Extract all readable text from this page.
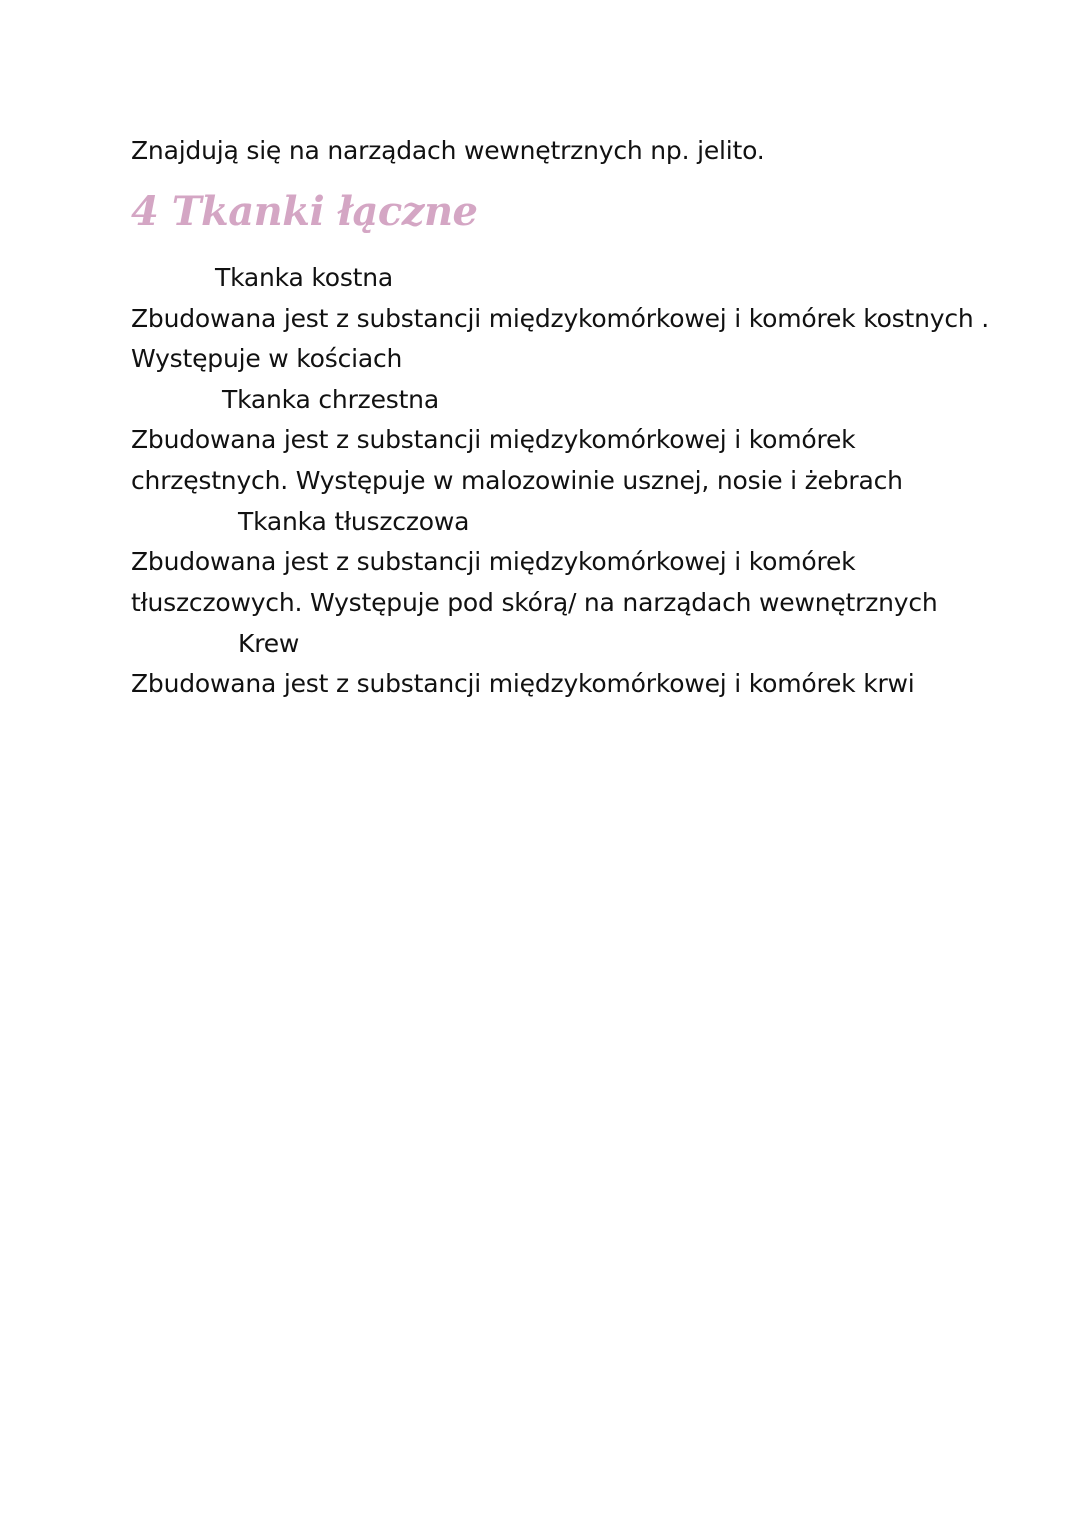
Znajdują się na narządach wewnętrznych np. jelito.
4 Tkanki łączne
Tkanka kostna
Zbudowana jest z substancji międzykomórkowej i komórek kostnych .
Występuje w kościach
Tkanka chrzestna
Zbudowana jest z substancji międzykomórkowej i komórek
chrzęstnych. Występuje w malozowinie usznej, nosie i żebrach
Tkanka tłuszczowa
Zbudowana jest z substancji międzykomórkowej i komórek
tłuszczowych. Występuje pod skórą/ na narządach wewnętrznych
Krew
Zbudowana jest z substancji międzykomórkowej i komórek krwi
